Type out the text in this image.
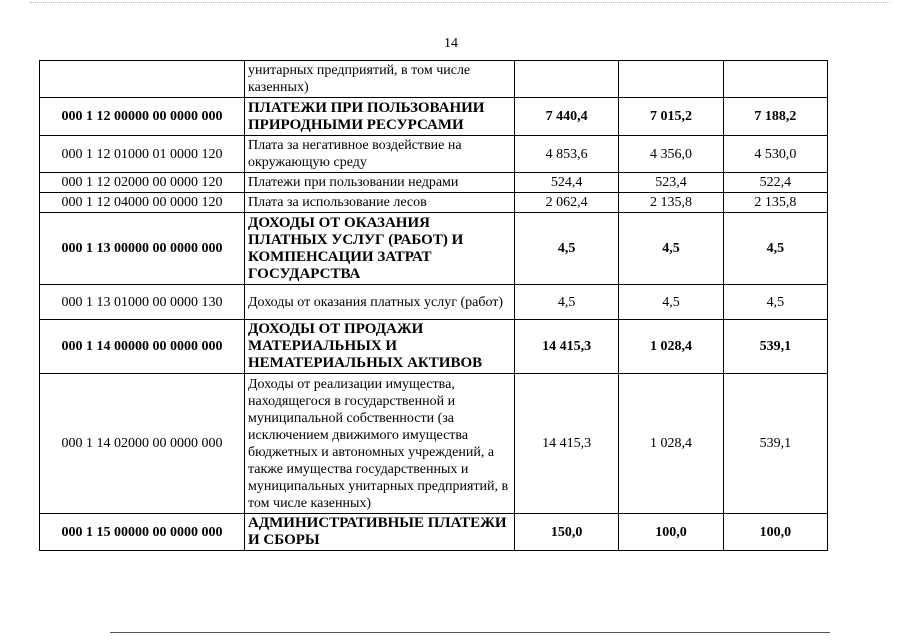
14
	унитарных предприятий, в том числе казенных)			
000 1 12 00000 00 0000 000	ПЛАТЕЖИ ПРИ ПОЛЬЗОВАНИИ ПРИРОДНЫМИ РЕСУРСАМИ	7 440,4	7 015,2	7 188,2
000 1 12 01000 01 0000 120	Плата за негативное воздействие на окружающую среду	4 853,6	4 356,0	4 530,0
000 1 12 02000 00 0000 120	Платежи при пользовании недрами	524,4	523,4	522,4
000 1 12 04000 00 0000 120	Плата за использование лесов	2 062,4	2 135,8	2 135,8
000 1 13 00000 00 0000 000	ДОХОДЫ ОТ ОКАЗАНИЯ ПЛАТНЫХ УСЛУГ (РАБОТ) И КОМПЕНСАЦИИ ЗАТРАТ ГОСУДАРСТВА	4,5	4,5	4,5
000 1 13 01000 00 0000 130	Доходы от оказания платных услуг (работ)	4,5	4,5	4,5
000 1 14 00000 00 0000 000	ДОХОДЫ ОТ ПРОДАЖИ МАТЕРИАЛЬНЫХ И НЕМАТЕРИАЛЬНЫХ АКТИВОВ	14 415,3	1 028,4	539,1
000 1 14 02000 00 0000 000	Доходы от реализации имущества, находящегося в государственной и муниципальной собственности (за исключением движимого имущества бюджетных и автономных учреждений, а также имущества государственных и муниципальных унитарных предприятий, в том числе казенных)	14 415,3	1 028,4	539,1
000 1 15 00000 00 0000 000	АДМИНИСТРАТИВНЫЕ ПЛАТЕЖИ И СБОРЫ	150,0	100,0	100,0
